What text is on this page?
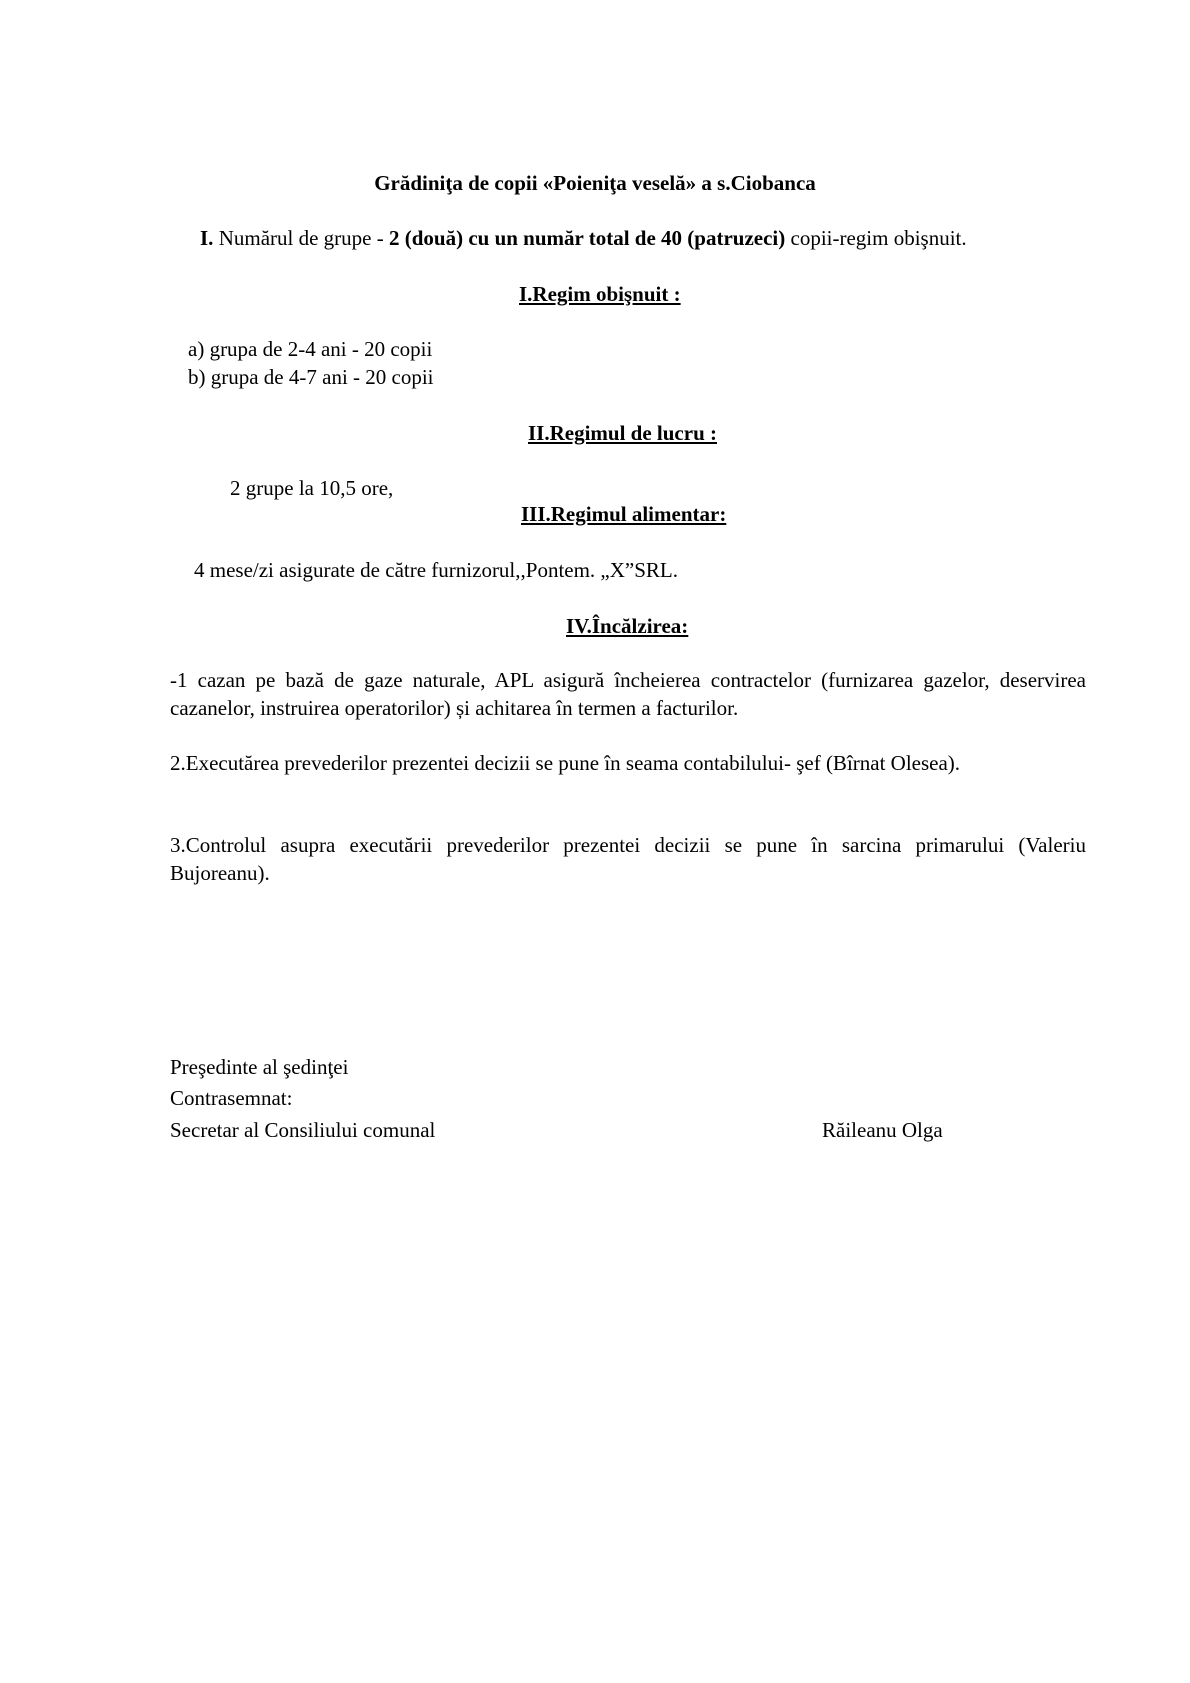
Grădiniţa de copii «Poieniţa veselă» a s.Ciobanca
I. Numărul de grupe - 2 (două) cu un număr total de 40 (patruzeci) copii-regim obişnuit.
I.Regim obişnuit :
a) grupa de 2-4 ani - 20 copii
b) grupa de 4-7 ani - 20 copii
II.Regimul de lucru :
2 grupe la 10,5 ore,
III.Regimul alimentar:
4 mese/zi asigurate de către furnizorul,,Pontem. „X”SRL.
IV.Încălzirea:
-1 cazan pe bază de gaze naturale, APL asigură încheierea contractelor (furnizarea gazelor, deservirea cazanelor, instruirea operatorilor) și achitarea în termen a facturilor.
2.Executărea prevederilor prezentei decizii se pune în seama contabilului- şef (Bîrnat Olesea).
3.Controlul asupra executării prevederilor prezentei decizii se pune în sarcina primarului (Valeriu Bujoreanu).
Preşedinte al şedinţei
Contrasemnat:
Secretar al Consiliului comunal	Răileanu Olga
